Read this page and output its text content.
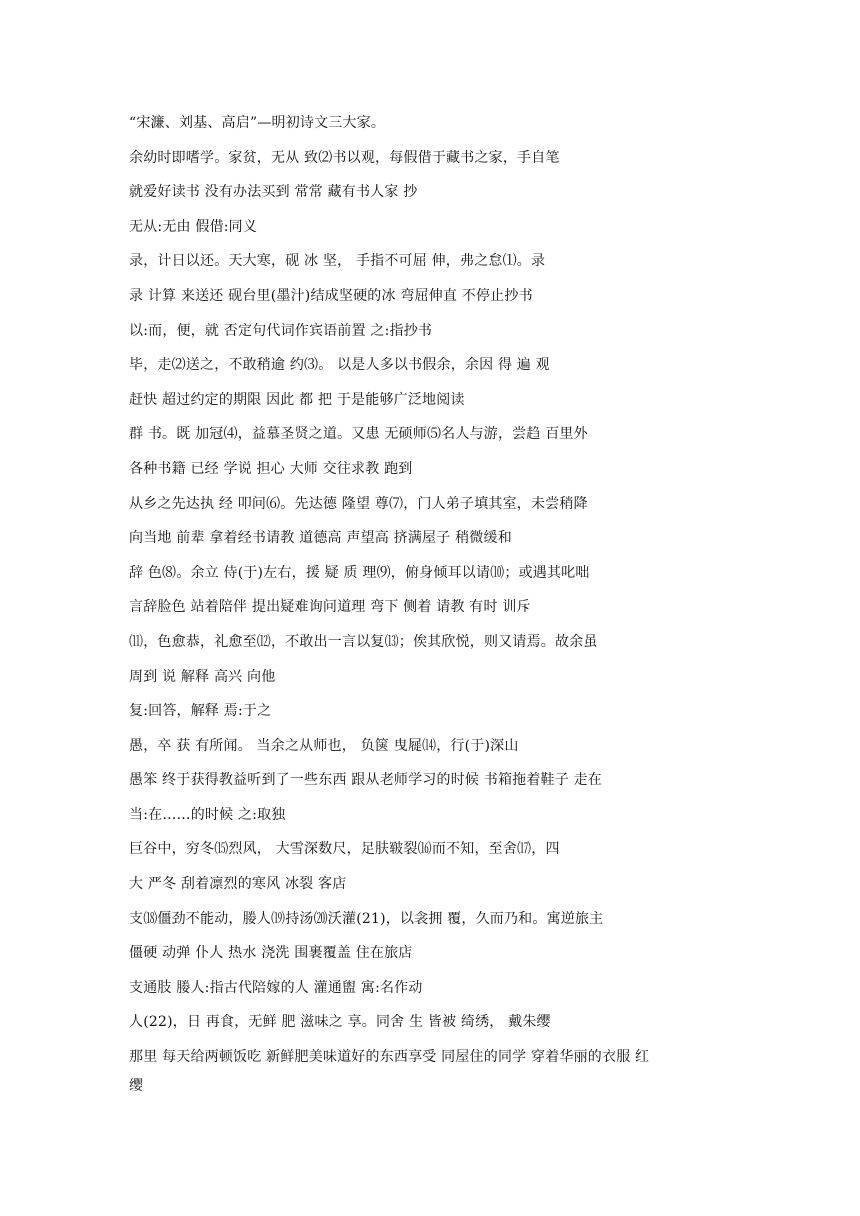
“宋濂、刘基、高启”—明初诗文三大家。
余幼时即嗜学。家贫，无从 致⑵书以观，每假借于藏书之家，手自笔
就爱好读书 没有办法买到 常常 藏有书人家 抄
无从:无由 假借:同义
录，计日以还。天大寒，砚 冰 坚， 手指不可屈 伸，弗之怠⑴。录
录 计算 来送还 砚台里(墨汁)结成坚硬的冰 弯屈伸直 不停止抄书
以:而，便，就 否定句代词作宾语前置 之:指抄书
毕，走⑵送之，不敢稍逾 约⑶。 以是人多以书假余，余因 得 遍 观
赶快 超过约定的期限 因此 都 把 于是能够广泛地阅读
群 书。既 加冠⑷，益慕圣贤之道。又患 无硕师⑸名人与游，尝趋 百里外
各种书籍 已经 学说 担心 大师 交往求教 跑到
从乡之先达执 经 叩问⑹。先达德 隆望 尊⑺，门人弟子填其室，未尝稍降
向当地 前辈 拿着经书请教 道德高 声望高 挤满屋子 稍微缓和
辞 色⑻。余立 侍(于)左右，援 疑 质 理⑼，俯身倾耳以请⑽；或遇其叱咄
言辞脸色 站着陪伴 提出疑难询问道理 弯下 侧着 请教 有时 训斥
⑾，色愈恭，礼愈至⑿，不敢出一言以复⒀；俟其欣悦，则又请焉。故余虽
周到 说 解释 高兴 向他
复:回答，解释 焉:于之
愚，卒 获 有所闻。 当余之从师也， 负箧 曳屣⒁，行(于)深山
愚笨 终于获得教益听到了一些东西 跟从老师学习的时候 书箱拖着鞋子 走在
当:在……的时候 之:取独
巨谷中，穷冬⒂烈风， 大雪深数尺，足肤皲裂⒃而不知，至舍⒄，四
大 严冬 刮着凛烈的寒风 冰裂 客店
支⒅僵劲不能动，媵人⒆持汤⒇沃灌(21)，以衾拥 覆，久而乃和。寓逆旅主
僵硬 动弹 仆人 热水 浇洗 围裹覆盖 住在旅店
支通肢 媵人:指古代陪嫁的人 灌通盥 寓:名作动
人(22)，日 再食，无鲜 肥 滋味之 享。同舍 生 皆被 绮绣， 戴朱缨
那里 每天给两顿饭吃 新鲜肥美味道好的东西享受 同屋住的同学 穿着华丽的衣服 红
缨
